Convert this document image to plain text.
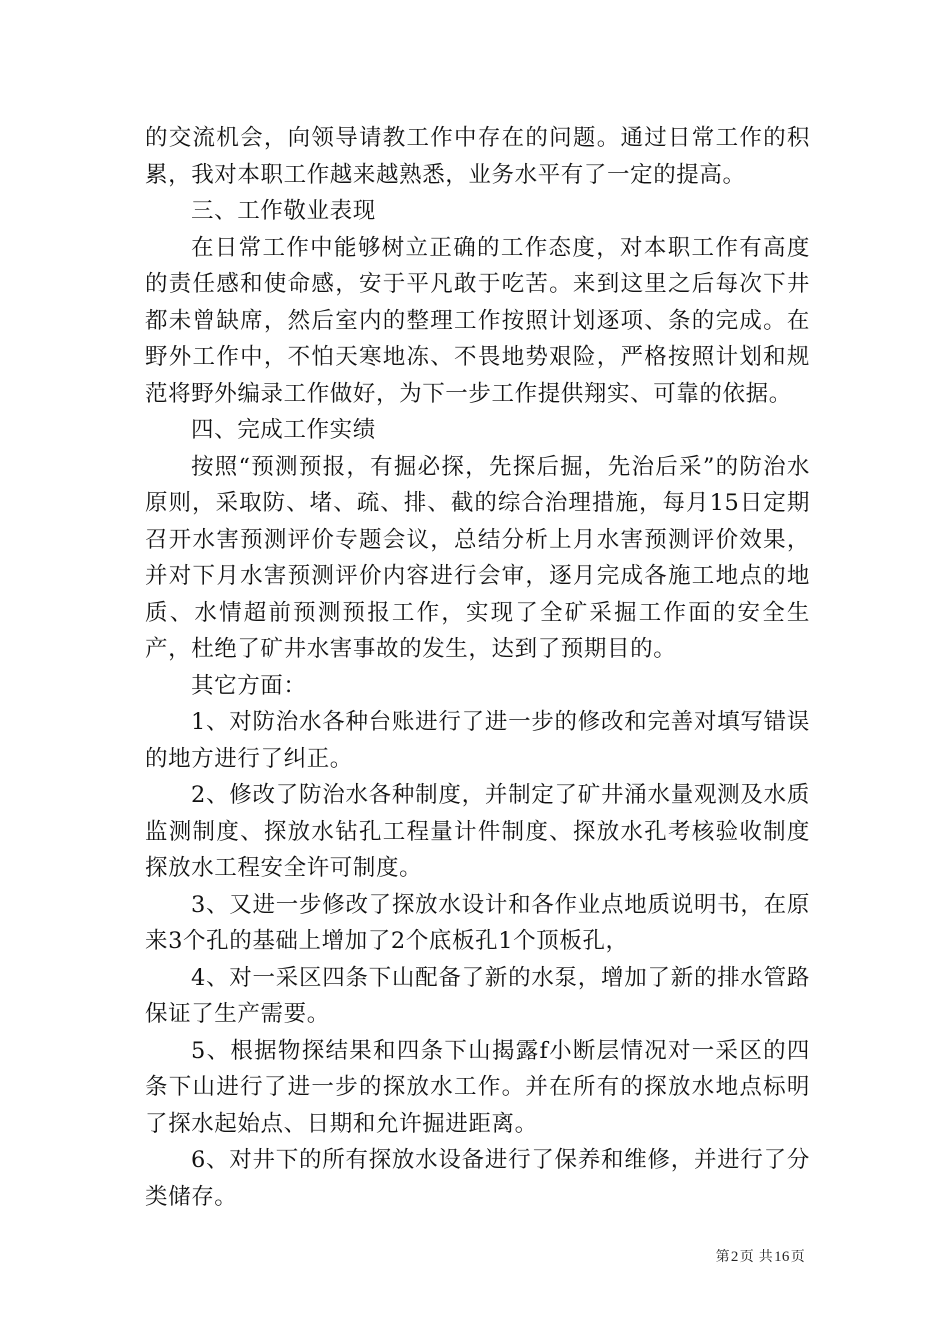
的交流机会，向领导请教工作中存在的问题。通过日常工作的积累，我对本职工作越来越熟悉，业务水平有了一定的提高。

三、工作敬业表现

在日常工作中能够树立正确的工作态度，对本职工作有高度的责任感和使命感，安于平凡敢于吃苦。来到这里之后每次下井都未曾缺席，然后室内的整理工作按照计划逐项、条的完成。在野外工作中，不怕天寒地冻、不畏地势艰险，严格按照计划和规范将野外编录工作做好，为下一步工作提供翔实、可靠的依据。

四、完成工作实绩

按照“预测预报，有掘必探，先探后掘，先治后采”的防治水原则，采取防、堵、疏、排、截的综合治理措施，每月15日定期召开水害预测评价专题会议，总结分析上月水害预测评价效果，并对下月水害预测评价内容进行会审，逐月完成各施工地点的地质、水情超前预测预报工作，实现了全矿采掘工作面的安全生产，杜绝了矿井水害事故的发生，达到了预期目的。

其它方面：

1、对防治水各种台账进行了进一步的修改和完善对填写错误的地方进行了纠正。

2、修改了防治水各种制度，并制定了矿井涌水量观测及水质监测制度、探放水钻孔工程量计件制度、探放水孔考核验收制度探放水工程安全许可制度。

3、又进一步修改了探放水设计和各作业点地质说明书，在原来3个孔的基础上增加了2个底板孔1个顶板孔，

4、对一采区四条下山配备了新的水泵，增加了新的排水管路保证了生产需要。

5、根据物探结果和四条下山揭露f小断层情况对一采区的四条下山进行了进一步的探放水工作。并在所有的探放水地点标明了探水起始点、日期和允许掘进距离。

6、对井下的所有探放水设备进行了保养和维修，并进行了分类储存。

第2页 共16页
